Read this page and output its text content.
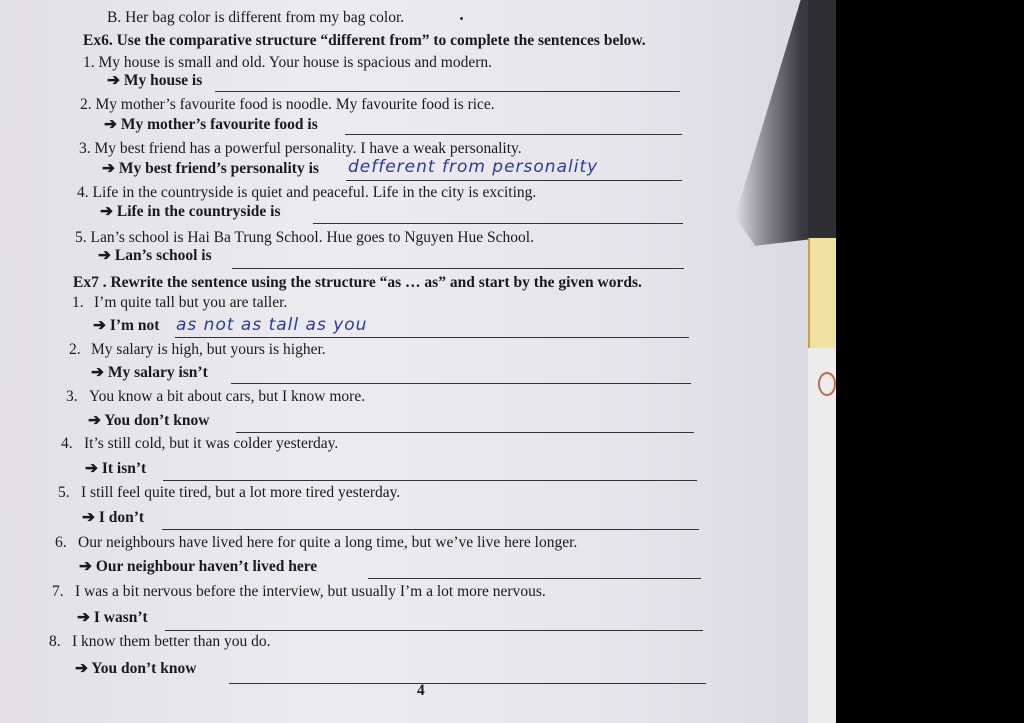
B. Her bag color is different from my bag color.
Ex6. Use the comparative structure “different from” to complete the sentences below.
1. My house is small and old. Your house is spacious and modern.
➔ My house is
2. My mother’s favourite food is noodle. My favourite food is rice.
➔ My mother’s favourite food is
3. My best friend has a powerful personality. I have a weak personality.
➔ My best friend’s personality is defferent from personality
4. Life in the countryside is quiet and peaceful. Life in the city is exciting.
➔ Life in the countryside is
5. Lan’s school is Hai Ba Trung School. Hue goes to Nguyen Hue School.
➔ Lan’s school is
Ex7 . Rewrite the sentence using the structure “as … as” and start by the given words.
1. I’m quite tall but you are taller.
➔ I’m not as not as tall as you
2. My salary is high, but yours is higher.
➔ My salary isn’t
3. You know a bit about cars, but I know more.
➔ You don’t know
4. It’s still cold, but it was colder yesterday.
➔ It isn’t
5. I still feel quite tired, but a lot more tired yesterday.
➔ I don’t
6. Our neighbours have lived here for quite a long time, but we’ve live here longer.
➔ Our neighbour haven’t lived here
7. I was a bit nervous before the interview, but usually I’m a lot more nervous.
➔ I wasn’t
8. I know them better than you do.
➔ You don’t know
4
